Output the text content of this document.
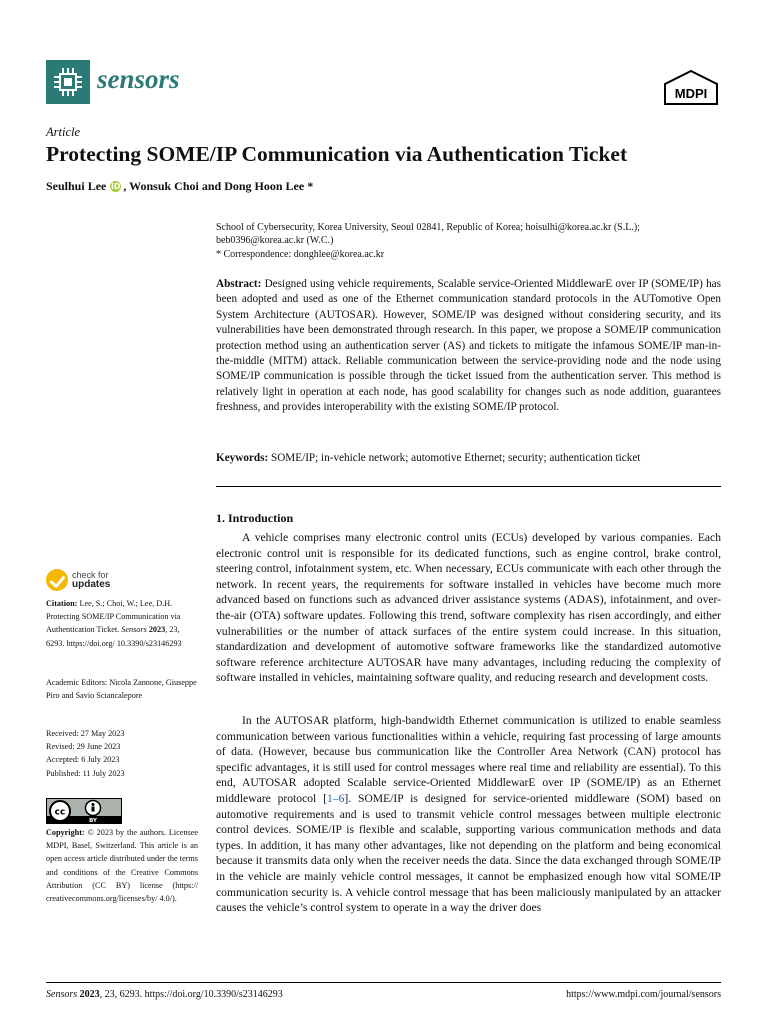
sensors	MDPI
Article
Protecting SOME/IP Communication via Authentication Ticket
Seulhui Lee iD , Wonsuk Choi and Dong Hoon Lee *
School of Cybersecurity, Korea University, Seoul 02841, Republic of Korea; hoisulhi@korea.ac.kr (S.L.);
beb0396@korea.ac.kr (W.C.)
* Correspondence: donghlee@korea.ac.kr
Abstract: Designed using vehicle requirements, Scalable service-Oriented MiddlewarE over IP (SOME/IP) has been adopted and used as one of the Ethernet communication standard protocols in the AUTomotive Open System Architecture (AUTOSAR). However, SOME/IP was designed without considering security, and its vulnerabilities have been demonstrated through research. In this paper, we propose a SOME/IP communication protection method using an authentication server (AS) and tickets to mitigate the infamous SOME/IP man-in-the-middle (MITM) attack. Reliable communication between the service-providing node and the node using SOME/IP communication is possible through the ticket issued from the authentication server. This method is relatively light in operation at each node, has good scalability for changes such as node addition, guarantees freshness, and provides interoperability with the existing SOME/IP protocol.
Keywords: SOME/IP; in-vehicle network; automotive Ethernet; security; authentication ticket
1. Introduction
A vehicle comprises many electronic control units (ECUs) developed by various companies. Each electronic control unit is responsible for its dedicated functions, such as engine control, brake control, steering control, infotainment system, etc. When necessary, ECUs communicate with each other through the network. In recent years, the requirements for software installed in vehicles have become much more advanced based on functions such as advanced driver assistance systems (ADAS), infotainment, and over-the-air (OTA) software updates. Following this trend, software complexity has risen accordingly, and either vulnerabilities or the number of attack surfaces of the entire system could increase. In this situation, standardization and development of automotive software frameworks like the standardized automotive software reference architecture AUTOSAR have many advantages, including reducing the complexity of software installed in vehicles, maintaining software quality, and reducing research and development costs.
In the AUTOSAR platform, high-bandwidth Ethernet communication is utilized to enable seamless communication between various functionalities within a vehicle, requiring fast processing of large amounts of data. (However, because bus communication like the Controller Area Network (CAN) protocol has specific advantages, it is still used for control messages where real time and reliability are essential). To this end, AUTOSAR adopted Scalable service-Oriented MiddlewarE over IP (SOME/IP) as an Ethernet middleware protocol [1–6]. SOME/IP is designed for service-oriented middleware (SOM) based on automotive requirements and is used to transmit vehicle control messages between multiple electronic control devices. SOME/IP is flexible and scalable, supporting various communication methods and data types. In addition, it has many other advantages, like not depending on the platform and being economical because it transmits data only when the receiver needs the data. Since the data exchanged through SOME/IP in the vehicle are mainly vehicle control messages, it cannot be emphasized enough how vital SOME/IP communication security is. A vehicle control message that has been maliciously manipulated by an attacker causes the vehicle’s control system to operate in a way the driver does
check for
updates
Citation: Lee, S.; Choi, W.; Lee, D.H. Protecting SOME/IP Communication via Authentication Ticket. Sensors 2023, 23, 6293. https://doi.org/ 10.3390/s23146293
Academic Editors: Nicola Zannone, Giuseppe Piro and Savio Sciancalepore
Received: 27 May 2023
Revised: 29 June 2023
Accepted: 6 July 2023
Published: 11 July 2023
cc
BY
Copyright: © 2023 by the authors. Licensee MDPI, Basel, Switzerland. This article is an open access article distributed under the terms and conditions of the Creative Commons Attribution (CC BY) license (https:// creativecommons.org/licenses/by/ 4.0/).
Sensors 2023, 23, 6293. https://doi.org/10.3390/s23146293	https://www.mdpi.com/journal/sensors
